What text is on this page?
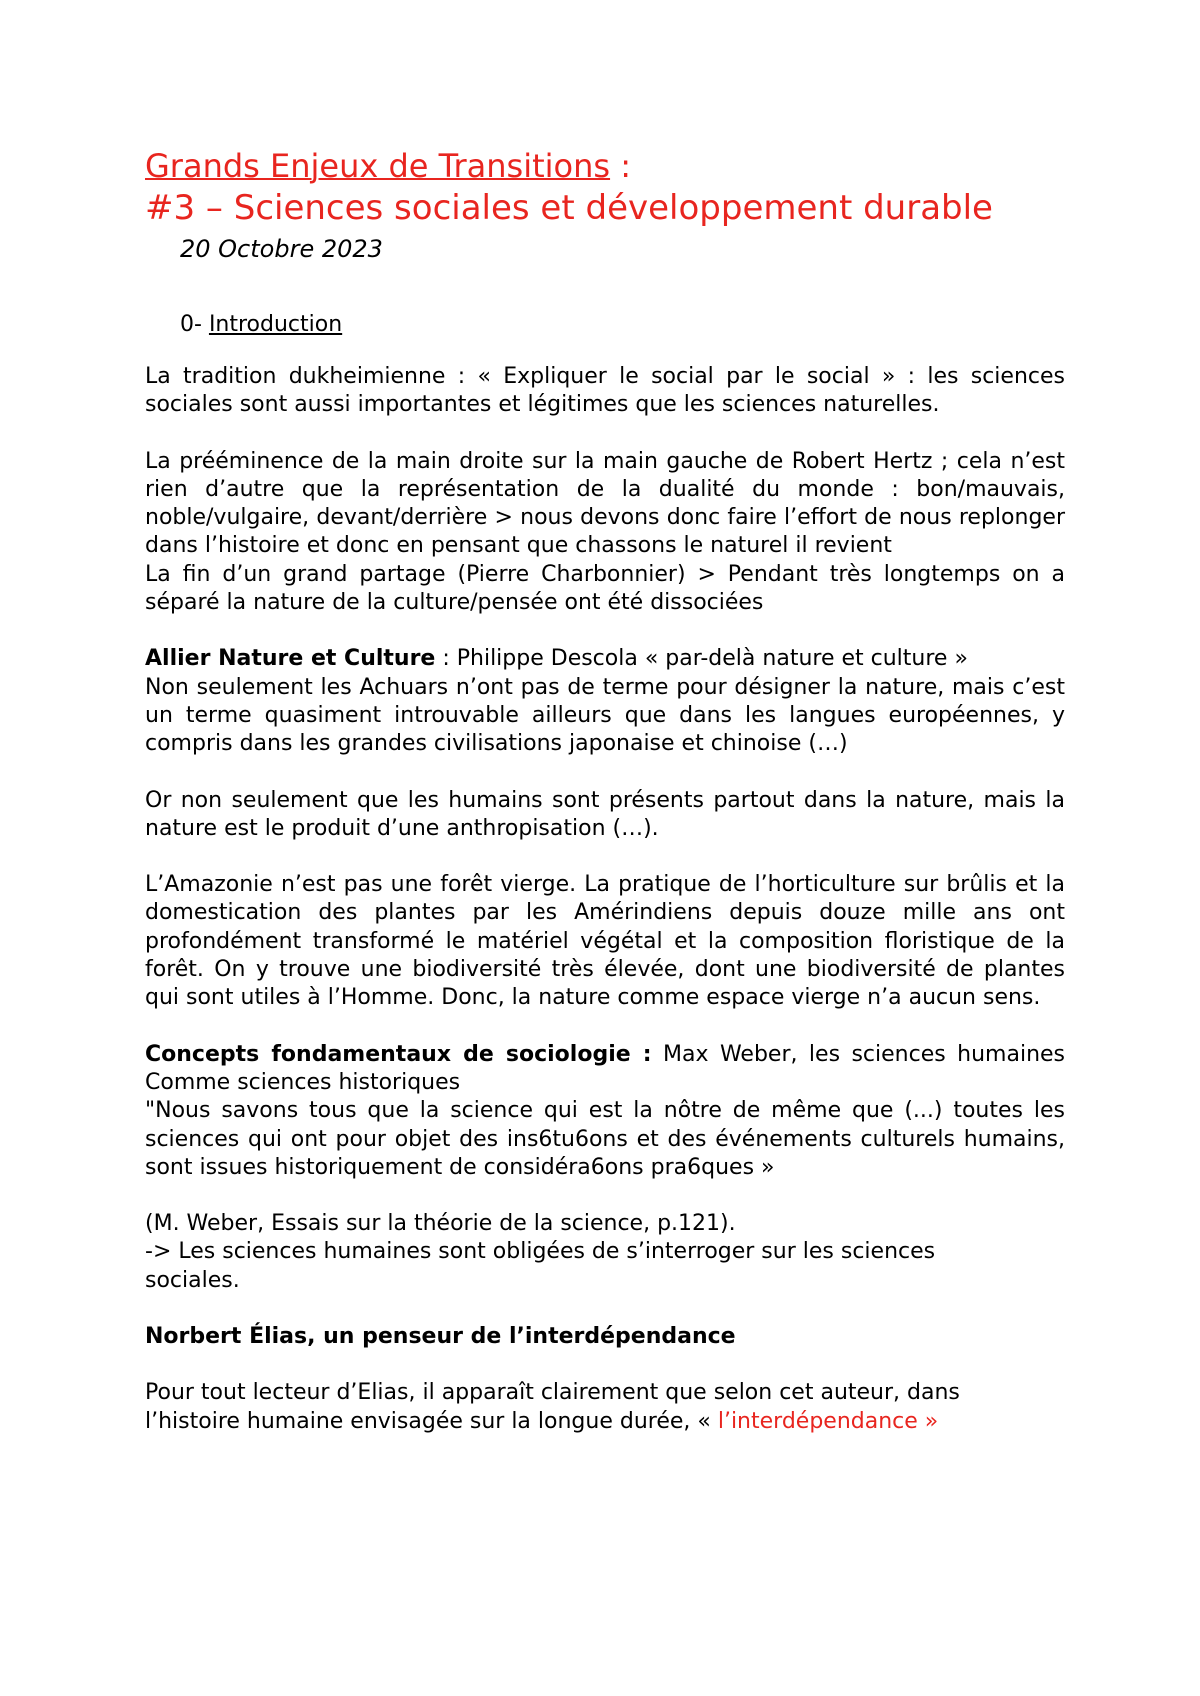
Grands Enjeux de Transitions :
#3 – Sciences sociales et développement durable
20 Octobre 2023
0- Introduction

La tradition dukheimienne : « Expliquer le social par le social » : les sciences sociales sont aussi importantes et légitimes que les sciences naturelles.

La prééminence de la main droite sur la main gauche de Robert Hertz ; cela n’est rien d’autre que la représentation de la dualité du monde : bon/mauvais, noble/vulgaire, devant/derrière > nous devons donc faire l’effort de nous replonger dans l’histoire et donc en pensant que chassons le naturel il revient

La fin d’un grand partage (Pierre Charbonnier) > Pendant très longtemps on a séparé la nature de la culture/pensée ont été dissociées

Allier Nature et Culture : Philippe Descola « par-delà nature et culture »

Non seulement les Achuars n’ont pas de terme pour désigner la nature, mais c’est un terme quasiment introuvable ailleurs que dans les langues européennes, y compris dans les grandes civilisations japonaise et chinoise (…)

Or non seulement que les humains sont présents partout dans la nature, mais la nature est le produit d’une anthropisation (…).

L’Amazonie n’est pas une forêt vierge. La pratique de l’horticulture sur brûlis et la domestication des plantes par les Amérindiens depuis douze mille ans ont profondément transformé le matériel végétal et la composition floristique de la forêt. On y trouve une biodiversité très élevée, dont une biodiversité de plantes qui sont utiles à l’Homme. Donc, la nature comme espace vierge n’a aucun sens.

Concepts fondamentaux de sociologie : Max Weber, les sciences humaines Comme sciences historiques

"Nous savons tous que la science qui est la nôtre de même que (...) toutes les sciences qui ont pour objet des ins6tu6ons et des événements culturels humains, sont issues historiquement de considéra6ons pra6ques »

(M. Weber, Essais sur la théorie de la science, p.121).

-> Les sciences humaines sont obligées de s’interroger sur les sciences sociales.

Norbert Élias, un penseur de l’interdépendance

Pour tout lecteur d’Elias, il apparaît clairement que selon cet auteur, dans
l’histoire humaine envisagée sur la longue durée, « l’interdépendance »
